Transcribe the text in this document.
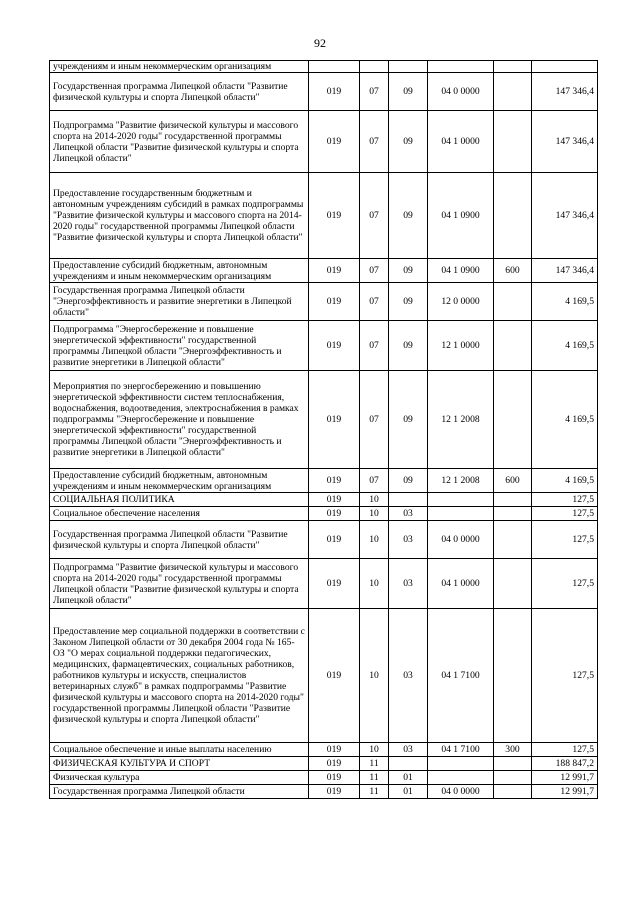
92
учреждениям и иным некоммерческим организациям						
Государственная программа Липецкой области "Развитие физической культуры и спорта Липецкой области"	019	07	09	04 0 0000		147 346,4
Подпрограмма "Развитие физической культуры и массового спорта на 2014-2020 годы" государственной программы Липецкой области "Развитие физической культуры и спорта Липецкой области"	019	07	09	04 1 0000		147 346,4
Предоставление государственным бюджетным и автономным учреждениям субсидий в рамках подпрограммы "Развитие физической культуры и массового спорта на 2014-2020 годы" государственной программы Липецкой области "Развитие физической культуры и спорта Липецкой области"	019	07	09	04 1 0900		147 346,4
Предоставление субсидий бюджетным, автономным учреждениям и иным некоммерческим организациям	019	07	09	04 1 0900	600	147 346,4
Государственная программа Липецкой области "Энергоэффективность и развитие энергетики в Липецкой области"	019	07	09	12 0 0000		4 169,5
Подпрограмма "Энергосбережение и повышение энергетической эффективности" государственной программы Липецкой области "Энергоэффективность и развитие энергетики в Липецкой области"	019	07	09	12 1 0000		4 169,5
Мероприятия по энергосбережению и повышению энергетической эффективности систем теплоснабжения, водоснабжения, водоотведения, электроснабжения в рамках подпрограммы "Энергосбережение и повышение энергетической эффективности" государственной программы Липецкой области "Энергоэффективность и развитие энергетики в Липецкой области"	019	07	09	12 1 2008		4 169,5
Предоставление субсидий бюджетным, автономным учреждениям и иным некоммерческим организациям	019	07	09	12 1 2008	600	4 169,5
СОЦИАЛЬНАЯ ПОЛИТИКА	019	10				127,5
Социальное обеспечение населения	019	10	03			127,5
Государственная программа Липецкой области "Развитие физической культуры и спорта Липецкой области"	019	10	03	04 0 0000		127,5
Подпрограмма "Развитие физической культуры и массового спорта на 2014-2020 годы" государственной программы Липецкой области "Развитие физической культуры и спорта Липецкой области"	019	10	03	04 1 0000		127,5
Предоставление мер социальной поддержки в соответствии с Законом Липецкой области от 30 декабря 2004 года № 165-ОЗ "О мерах социальной поддержки педагогических, медицинских, фармацевтических, социальных работников, работников культуры и искусств, специалистов ветеринарных служб" в рамках подпрограммы "Развитие физической культуры и массового спорта на 2014-2020 годы" государственной программы Липецкой области "Развитие физической культуры и спорта Липецкой области"	019	10	03	04 1 7100		127,5
Социальное обеспечение и иные выплаты населению	019	10	03	04 1 7100	300	127,5
ФИЗИЧЕСКАЯ КУЛЬТУРА И СПОРТ	019	11				188 847,2
Физическая культура	019	11	01			12 991,7
Государственная программа Липецкой области	019	11	01	04 0 0000		12 991,7
